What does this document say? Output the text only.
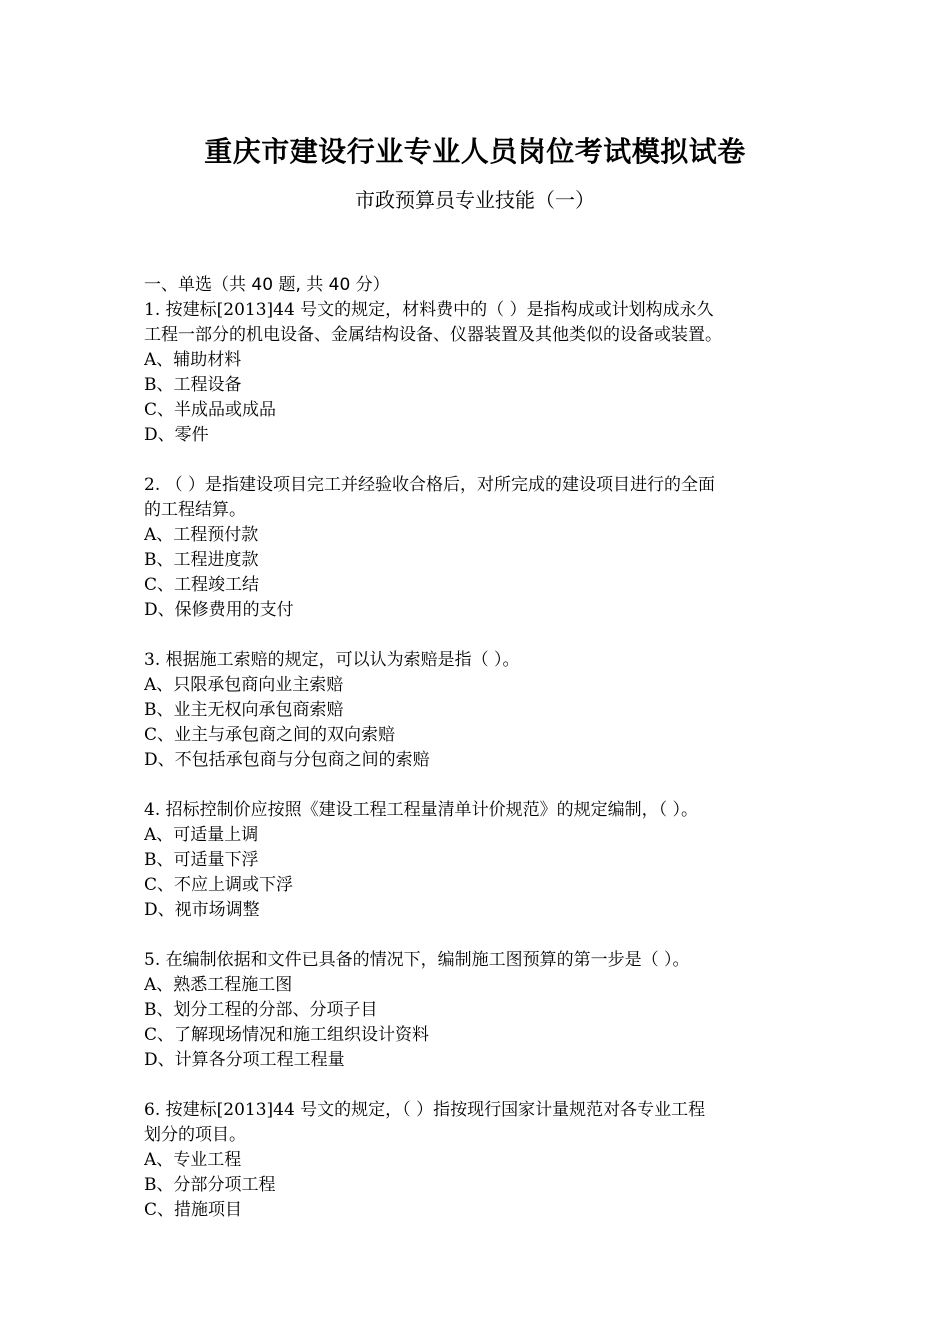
重庆市建设行业专业人员岗位考试模拟试卷
市政预算员专业技能（一）
一、单选（共 40 题, 共 40 分）
1. 按建标[2013]44 号文的规定，材料费中的（ ）是指构成或计划构成永久
工程一部分的机电设备、金属结构设备、仪器装置及其他类似的设备或装置。
A、辅助材料
B、工程设备
C、半成品或成品
D、零件
2. （ ）是指建设项目完工并经验收合格后，对所完成的建设项目进行的全面
的工程结算。
A、工程预付款
B、工程进度款
C、工程竣工结
D、保修费用的支付
3. 根据施工索赔的规定，可以认为索赔是指（ ）。
A、只限承包商向业主索赔
B、业主无权向承包商索赔
C、业主与承包商之间的双向索赔
D、不包括承包商与分包商之间的索赔
4. 招标控制价应按照《建设工程工程量清单计价规范》的规定编制，（ ）。
A、可适量上调
B、可适量下浮
C、不应上调或下浮
D、视市场调整
5. 在编制依据和文件已具备的情况下，编制施工图预算的第一步是（ ）。
A、熟悉工程施工图
B、划分工程的分部、分项子目
C、了解现场情况和施工组织设计资料
D、计算各分项工程工程量
6. 按建标[2013]44 号文的规定，（ ）指按现行国家计量规范对各专业工程
划分的项目。
A、专业工程
B、分部分项工程
C、措施项目
